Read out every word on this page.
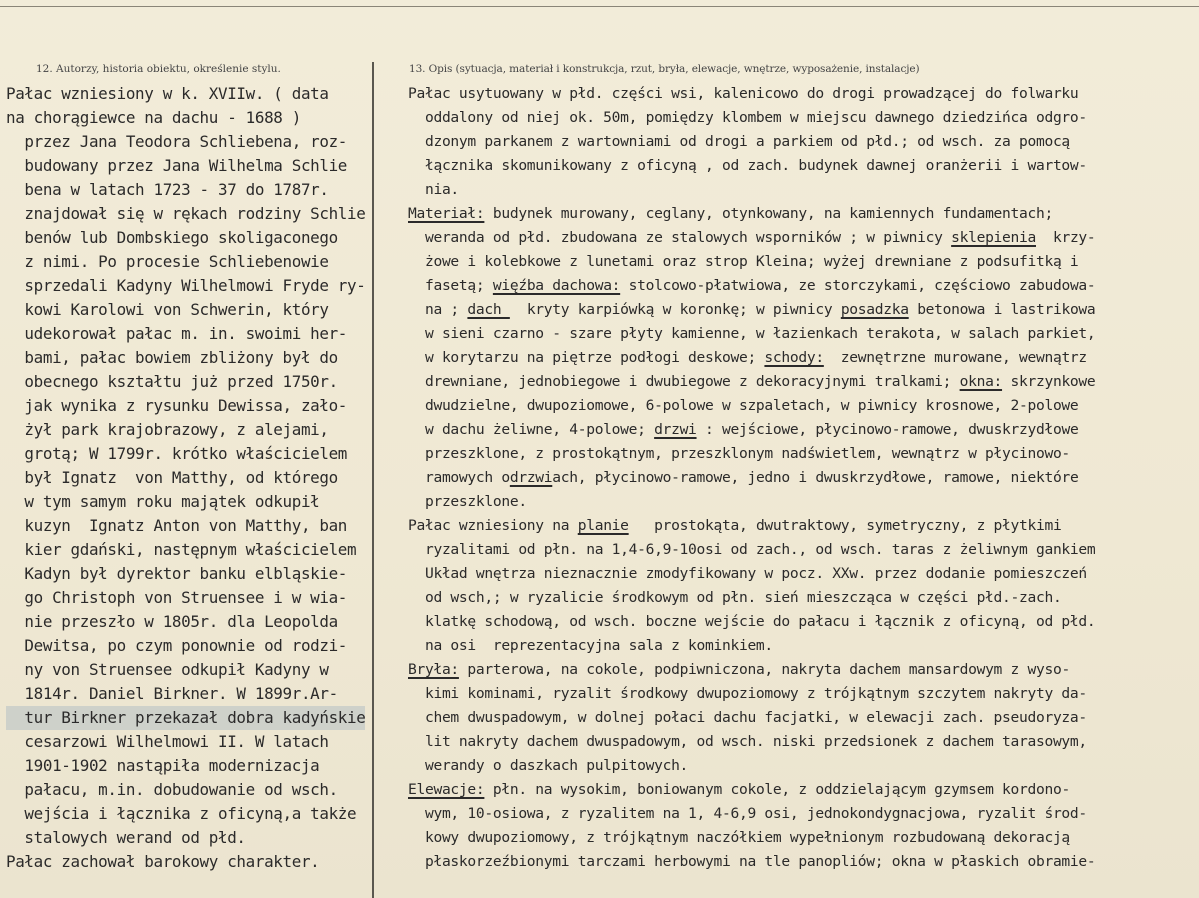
12. Autorzy, historia obiektu, określenie stylu.	13. Opis (sytuacja, materiał i konstrukcja, rzut, bryła, elewacje, wnętrze, wyposażenie, instalacje)
Pałac wzniesiony w k. XVIIw. ( data
na chorągiewce na dachu - 1688 )
przez Jana Teodora Schliebena, roz-
budowany przez Jana Wilhelma Schlie
bena w latach 1723 - 37 do 1787r.
znajdował się w rękach rodziny Schlie
benów lub Dombskiego skoligaconego
z nimi. Po procesie Schliebenowie
sprzedali Kadyny Wilhelmowi Fryde ry-
kowi Karolowi von Schwerin, który
udekorował pałac m. in. swoimi her-
bami, pałac bowiem zbliżony był do
obecnego kształtu już przed 1750r.
jak wynika z rysunku Dewissa, zało-
żył park krajobrazowy, z alejami,
grotą; W 1799r. krótko właścicielem
był Ignatz  von Matthy, od którego
w tym samym roku majątek odkupił
kuzyn  Ignatz Anton von Matthy, ban
kier gdański, następnym właścicielem
Kadyn był dyrektor banku elbląskie-
go Christoph von Struensee i w wia-
nie przeszło w 1805r. dla Leopolda
Dewitsa, po czym ponownie od rodzi-
ny von Struensee odkupił Kadyny w
1814r. Daniel Birkner. W 1899r.Ar-
tur Birkner przekazał dobra kadyńskie
cesarzowi Wilhelmowi II. W latach
1901-1902 nastąpiła modernizacja
pałacu, m.in. dobudowanie od wsch.
wejścia i łącznika z oficyną,a także
stalowych werand od płd.
Pałac zachował barokowy charakter.
Pałac usytuowany w płd. części wsi, kalenicowo do drogi prowadzącej do folwarku
oddalony od niej ok. 50m, pomiędzy klombem w miejscu dawnego dziedzińca odgro-
dzonym parkanem z wartowniami od drogi a parkiem od płd.; od wsch. za pomocą
łącznika skomunikowany z oficyną , od zach. budynek dawnej oranżerii i wartow-
nia.
Materiał: budynek murowany, ceglany, otynkowany, na kamiennych fundamentach;
weranda od płd. zbudowana ze stalowych wsporników ; w piwnicy sklepienia  krzy-
żowe i kolebkowe z lunetami oraz strop Kleina; wyżej drewniane z podsufitką i
fasetą; więźba dachowa: stolcowo-płatwiowa, ze storczykami, częściowo zabudowa-
na ; dach   kryty karpiówką w koronkę; w piwnicy posadzka betonowa i lastrikowa
w sieni czarno - szare płyty kamienne, w łazienkach terakota, w salach parkiet,
w korytarzu na piętrze podłogi deskowe; schody:  zewnętrzne murowane, wewnątrz
drewniane, jednobiegowe i dwubiegowe z dekoracyjnymi tralkami; okna: skrzynkowe
dwudzielne, dwupoziomowe, 6-polowe w szpaletach, w piwnicy krosnowe, 2-polowe
w dachu żeliwne, 4-polowe; drzwi : wejściowe, płycinowo-ramowe, dwuskrzydłowe
przeszklone, z prostokątnym, przeszklonym nadświetlem, wewnątrz w płycinowo-
ramowych odrzwiach, płycinowo-ramowe, jedno i dwuskrzydłowe, ramowe, niektóre
przeszklone.
Pałac wzniesiony na planie   prostokąta, dwutraktowy, symetryczny, z płytkimi
ryzalitami od płn. na 1,4-6,9-10osi od zach., od wsch. taras z żeliwnym gankiem
Układ wnętrza nieznacznie zmodyfikowany w pocz. XXw. przez dodanie pomieszczeń
od wsch,; w ryzalicie środkowym od płn. sień mieszcząca w części płd.-zach.
klatkę schodową, od wsch. boczne wejście do pałacu i łącznik z oficyną, od płd.
na osi  reprezentacyjna sala z kominkiem.
Bryła: parterowa, na cokole, podpiwniczona, nakryta dachem mansardowym z wyso-
kimi kominami, ryzalit środkowy dwupoziomowy z trójkątnym szczytem nakryty da-
chem dwuspadowym, w dolnej połaci dachu facjatki, w elewacji zach. pseudoryza-
lit nakryty dachem dwuspadowym, od wsch. niski przedsionek z dachem tarasowym,
werandy o daszkach pulpitowych.
Elewacje: płn. na wysokim, boniowanym cokole, z oddzielającym gzymsem kordono-
wym, 10-osiowa, z ryzalitem na 1, 4-6,9 osi, jednokondygnacjowa, ryzalit środ-
kowy dwupoziomowy, z trójkątnym naczółkiem wypełnionym rozbudowaną dekoracją
płaskorzeźbionymi tarczami herbowymi na tle panopliów; okna w płaskich obramie-
